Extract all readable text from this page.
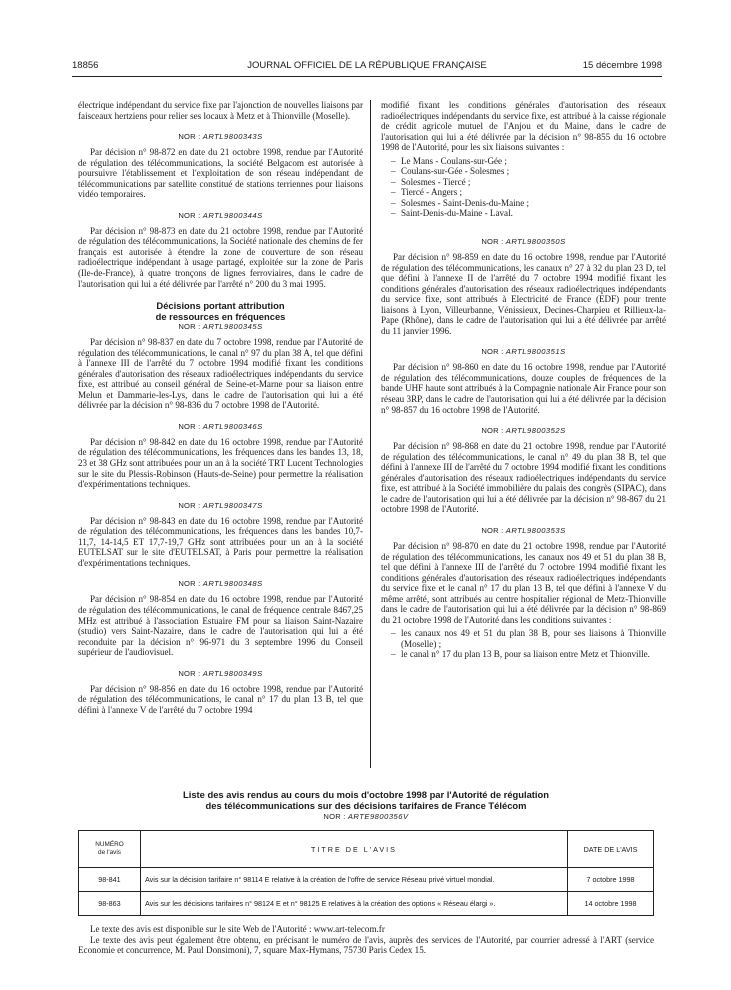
18856	JOURNAL OFFICIEL DE LA RÉPUBLIQUE FRANÇAISE	15 décembre 1998

électrique indépendant du service fixe par l'ajonction de nouvelles liaisons par faisceaux hertziens pour relier ses locaux à Metz et à Thionville (Moselle).

NOR : ARTL9800343S

Par décision n° 98-872 en date du 21 octobre 1998, rendue par l'Autorité de régulation des télécommunications, la société Belgacom est autorisée à poursuivre l'établissement et l'exploitation de son réseau indépendant de télécommunications par satellite constitué de stations terriennes pour liaisons vidéo temporaires.

NOR : ARTL9800344S

Par décision n° 98-873 en date du 21 octobre 1998, rendue par l'Autorité de régulation des télécommunications, la Société nationale des chemins de fer français est autorisée à étendre la zone de couverture de son réseau radioélectrique indépendant à usage partagé, exploitée sur la zone de Paris (Ile-de-France), à quatre tronçons de lignes ferroviaires, dans le cadre de l'autorisation qui lui a été délivrée par l'arrêté n° 200 du 3 mai 1995.

Décisions portant attribution
de ressources en fréquences
NOR : ARTL9800345S

Par décision n° 98-837 en date du 7 octobre 1998, rendue par l'Autorité de régulation des télécommunications, le canal n° 97 du plan 38 A, tel que défini à l'annexe III de l'arrêté du 7 octobre 1994 modifié fixant les conditions générales d'autorisation des réseaux radioélectriques indépendants du service fixe, est attribué au conseil général de Seine-et-Marne pour sa liaison entre Melun et Dammarie-les-Lys, dans le cadre de l'autorisation qui lui a été délivrée par la décision n° 98-836 du 7 octobre 1998 de l'Autorité.

NOR : ARTL9800346S

Par décision n° 98-842 en date du 16 octobre 1998, rendue par l'Autorité de régulation des télécommunications, les fréquences dans les bandes 13, 18, 23 et 38 GHz sont attribuées pour un an à la société TRT Lucent Technologies sur le site du Plessis-Robinson (Hauts-de-Seine) pour permettre la réalisation d'expérimentations techniques.

NOR : ARTL9800347S

Par décision n° 98-843 en date du 16 octobre 1998, rendue par l'Autorité de régulation des télécommunications, les fréquences dans les bandes 10,7-11,7, 14-14,5 ET 17,7-19,7 GHz sont attribuées pour un an à la société EUTELSAT sur le site d'EUTELSAT, à Paris pour permettre la réalisation d'expérimentations techniques.

NOR : ARTL9800348S

Par décision n° 98-854 en date du 16 octobre 1998, rendue par l'Autorité de régulation des télécommunications, le canal de fréquence centrale 8467,25 MHz est attribué à l'association Estuaire FM pour sa liaison Saint-Nazaire (studio) vers Saint-Nazaire, dans le cadre de l'autorisation qui lui a été reconduite par la décision n° 96-971 du 3 septembre 1996 du Conseil supérieur de l'audiovisuel.

NOR : ARTL9800349S

Par décision n° 98-856 en date du 16 octobre 1998, rendue par l'Autorité de régulation des télécommunications, le canal n° 17 du plan 13 B, tel que défini à l'annexe V de l'arrêté du 7 octobre 1994

modifié fixant les conditions générales d'autorisation des réseaux radioélectriques indépendants du service fixe, est attribué à la caisse régionale de crédit agricole mutuel de l'Anjou et du Maine, dans le cadre de l'autorisation qui lui a été délivrée par la décision n° 98-855 du 16 octobre 1998 de l'Autorité, pour les six liaisons suivantes :

– Le Mans - Coulans-sur-Gée ;
– Coulans-sur-Gée - Solesmes ;
– Solesmes - Tiercé ;
– Tiercé - Angers ;
– Solesmes - Saint-Denis-du-Maine ;
– Saint-Denis-du-Maine - Laval.
NOR : ARTL9800350S

Par décision n° 98-859 en date du 16 octobre 1998, rendue par l'Autorité de régulation des télécommunications, les canaux n° 27 à 32 du plan 23 D, tel que défini à l'annexe II de l'arrêté du 7 octobre 1994 modifié fixant les conditions générales d'autorisation des réseaux radioélectriques indépendants du service fixe, sont attribués à Electricité de France (EDF) pour trente liaisons à Lyon, Villeurbanne, Vénissieux, Decines-Charpieu et Rillieux-la-Pape (Rhône), dans le cadre de l'autorisation qui lui a été délivrée par arrêté du 11 janvier 1996.

NOR : ARTL9800351S

Par décision n° 98-860 en date du 16 octobre 1998, rendue par l'Autorité de régulation des télécommunications, douze couples de fréquences de la bande UHF haute sont attribués à la Compagnie nationale Air France pour son réseau 3RP, dans le cadre de l'autorisation qui lui a été délivrée par la décision n° 98-857 du 16 octobre 1998 de l'Autorité.

NOR : ARTL9800352S

Par décision n° 98-868 en date du 21 octobre 1998, rendue par l'Autorité de régulation des télécommunications, le canal n° 49 du plan 38 B, tel que défini à l'annexe III de l'arrêté du 7 octobre 1994 modifié fixant les conditions générales d'autorisation des réseaux radioélectriques indépendants du service fixe, est attribué à la Société immobilière du palais des congrès (SIPAC), dans le cadre de l'autorisation qui lui a été délivrée par la décision n° 98-867 du 21 octobre 1998 de l'Autorité.

NOR : ARTL9800353S

Par décision n° 98-870 en date du 21 octobre 1998, rendue par l'Autorité de régulation des télécommunications, les canaux nos 49 et 51 du plan 38 B, tel que défini à l'annexe III de l'arrêté du 7 octobre 1994 modifié fixant les conditions générales d'autorisation des réseaux radioélectriques indépendants du service fixe et le canal n° 17 du plan 13 B, tel que défini à l'annexe V du même arrêté, sont attribués au centre hospitalier régional de Metz-Thionville dans le cadre de l'autorisation qui lui a été délivrée par la décision n° 98-869 du 21 octobre 1998 de l'Autorité dans les conditions suivantes :

– les canaux nos 49 et 51 du plan 38 B, pour ses liaisons à Thionville (Moselle) ;
– le canal n° 17 du plan 13 B, pour sa liaison entre Metz et Thionville.
Liste des avis rendus au cours du mois d'octobre 1998 par l'Autorité de régulation
des télécommunications sur des décisions tarifaires de France Télécom
NOR : ARTE9800356V
NUMÉRO
de l'avis	TITRE DE L'AVIS	DATE DE L'AVIS
98-841	Avis sur la décision tarifaire n° 98114 E relative à la création de l'offre de service Réseau privé virtuel mondial.	7 octobre 1998
98-863	Avis sur les décisions tarifaires n° 98124 E et n° 98125 E relatives à la création des options « Réseau élargi ».	14 octobre 1998

Le texte des avis est disponible sur le site Web de l'Autorité : www.art-telecom.fr

Le texte des avis peut également être obtenu, en précisant le numéro de l'avis, auprès des services de l'Autorité, par courrier adressé à l'ART (service Economie et concurrence, M. Paul Donsimoni), 7, square Max-Hymans, 75730 Paris Cedex 15.
